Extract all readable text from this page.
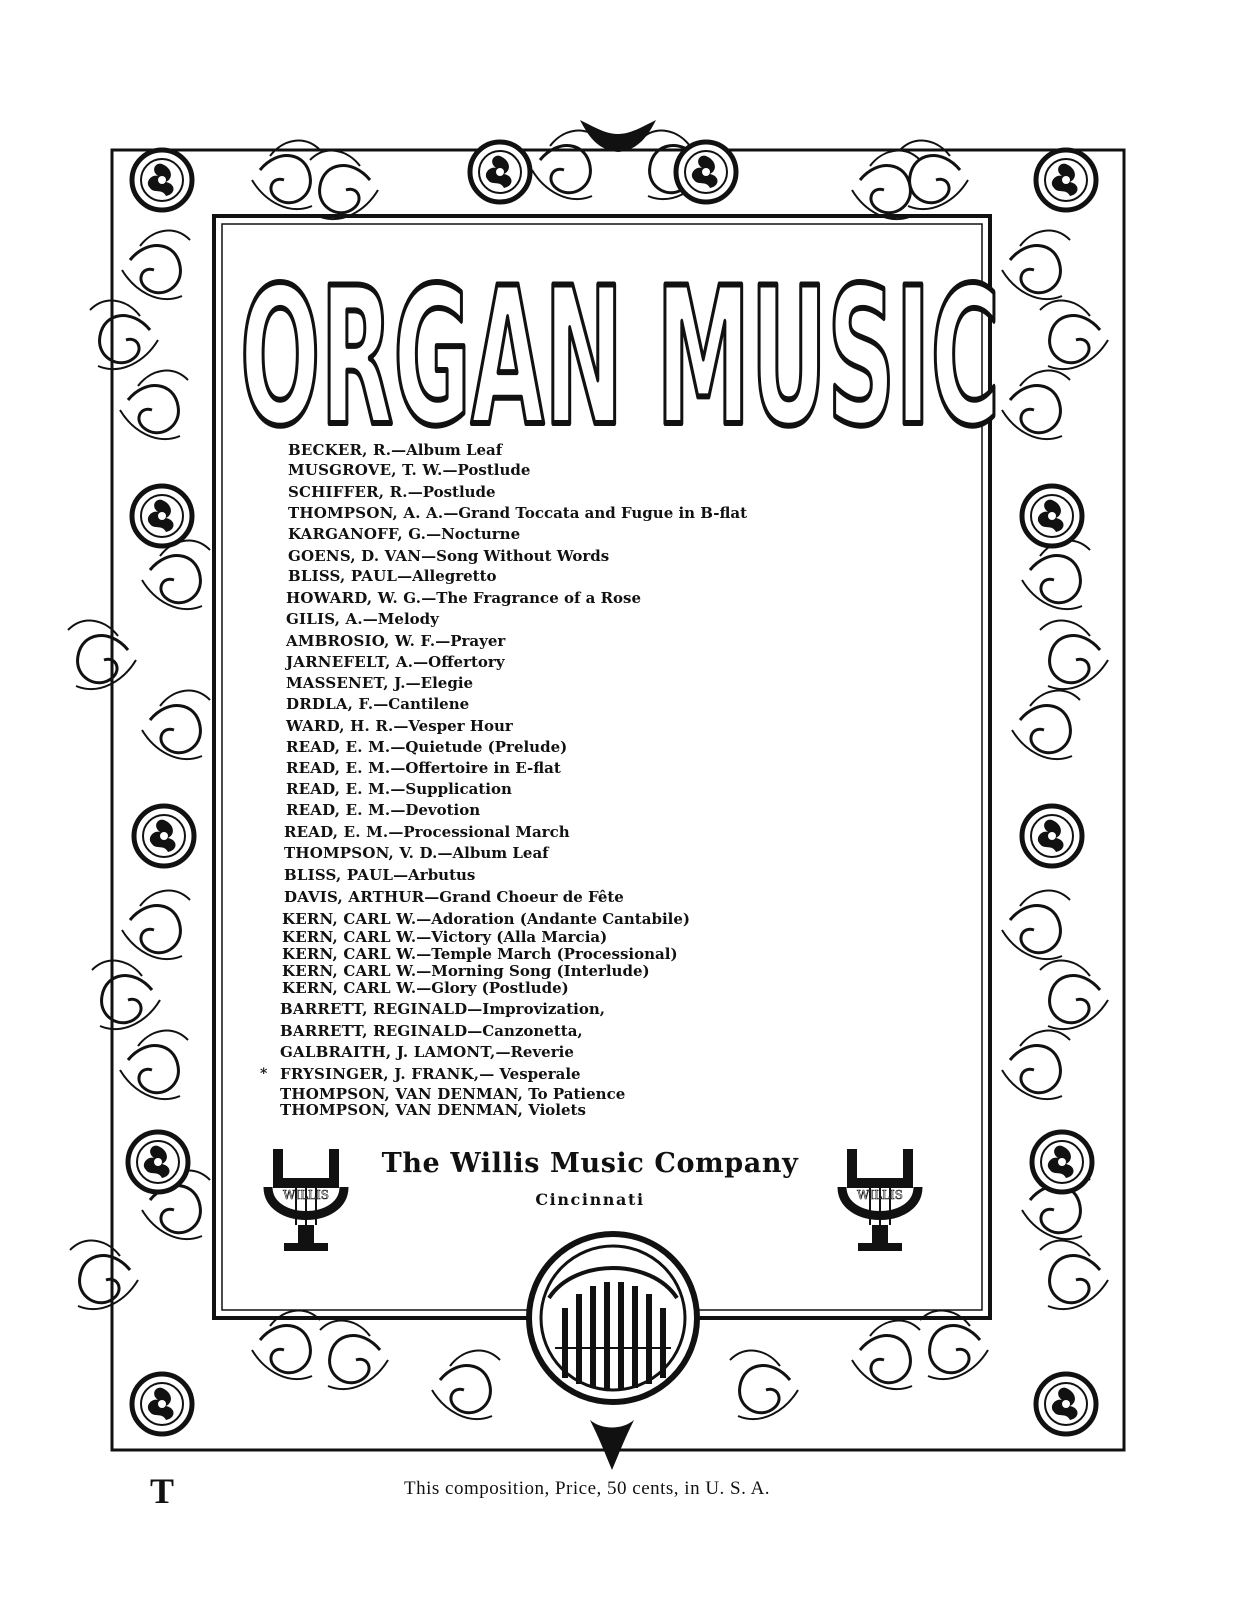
ORGAN MUSIC
BECKER, R.—Album Leaf
MUSGROVE, T. W.—Postlude
SCHIFFER, R.—Postlude
THOMPSON, A. A.—Grand Toccata and Fugue in B-flat
KARGANOFF, G.—Nocturne
GOENS, D. VAN—Song Without Words
BLISS, PAUL—Allegretto
HOWARD, W. G.—The Fragrance of a Rose
GILIS, A.—Melody
AMBROSIO, W. F.—Prayer
JARNEFELT, A.—Offertory
MASSENET, J.—Elegie
DRDLA, F.—Cantilene
WARD, H. R.—Vesper Hour
READ, E. M.—Quietude (Prelude)
READ, E. M.—Offertoire in E-flat
READ, E. M.—Supplication
READ, E. M.—Devotion
READ, E. M.—Processional March
THOMPSON, V. D.—Album Leaf
BLISS, PAUL—Arbutus
DAVIS, ARTHUR—Grand Choeur de Fête
KERN, CARL W.—Adoration (Andante Cantabile)
KERN, CARL W.—Victory (Alla Marcia)
KERN, CARL W.—Temple March (Processional)
KERN, CARL W.—Morning Song (Interlude)
KERN, CARL W.—Glory (Postlude)
BARRETT, REGINALD—Improvization,
BARRETT, REGINALD—Canzonetta,
GALBRAITH, J. LAMONT,—Reverie
* FRYSINGER, J. FRANK,— Vesperale
THOMPSON, VAN DENMAN, To Patience
THOMPSON, VAN DENMAN, Violets
The Willis Music Company
Cincinnati
WILLIS	WILLIS
T	This composition, Price, 50 cents, in U. S. A.
